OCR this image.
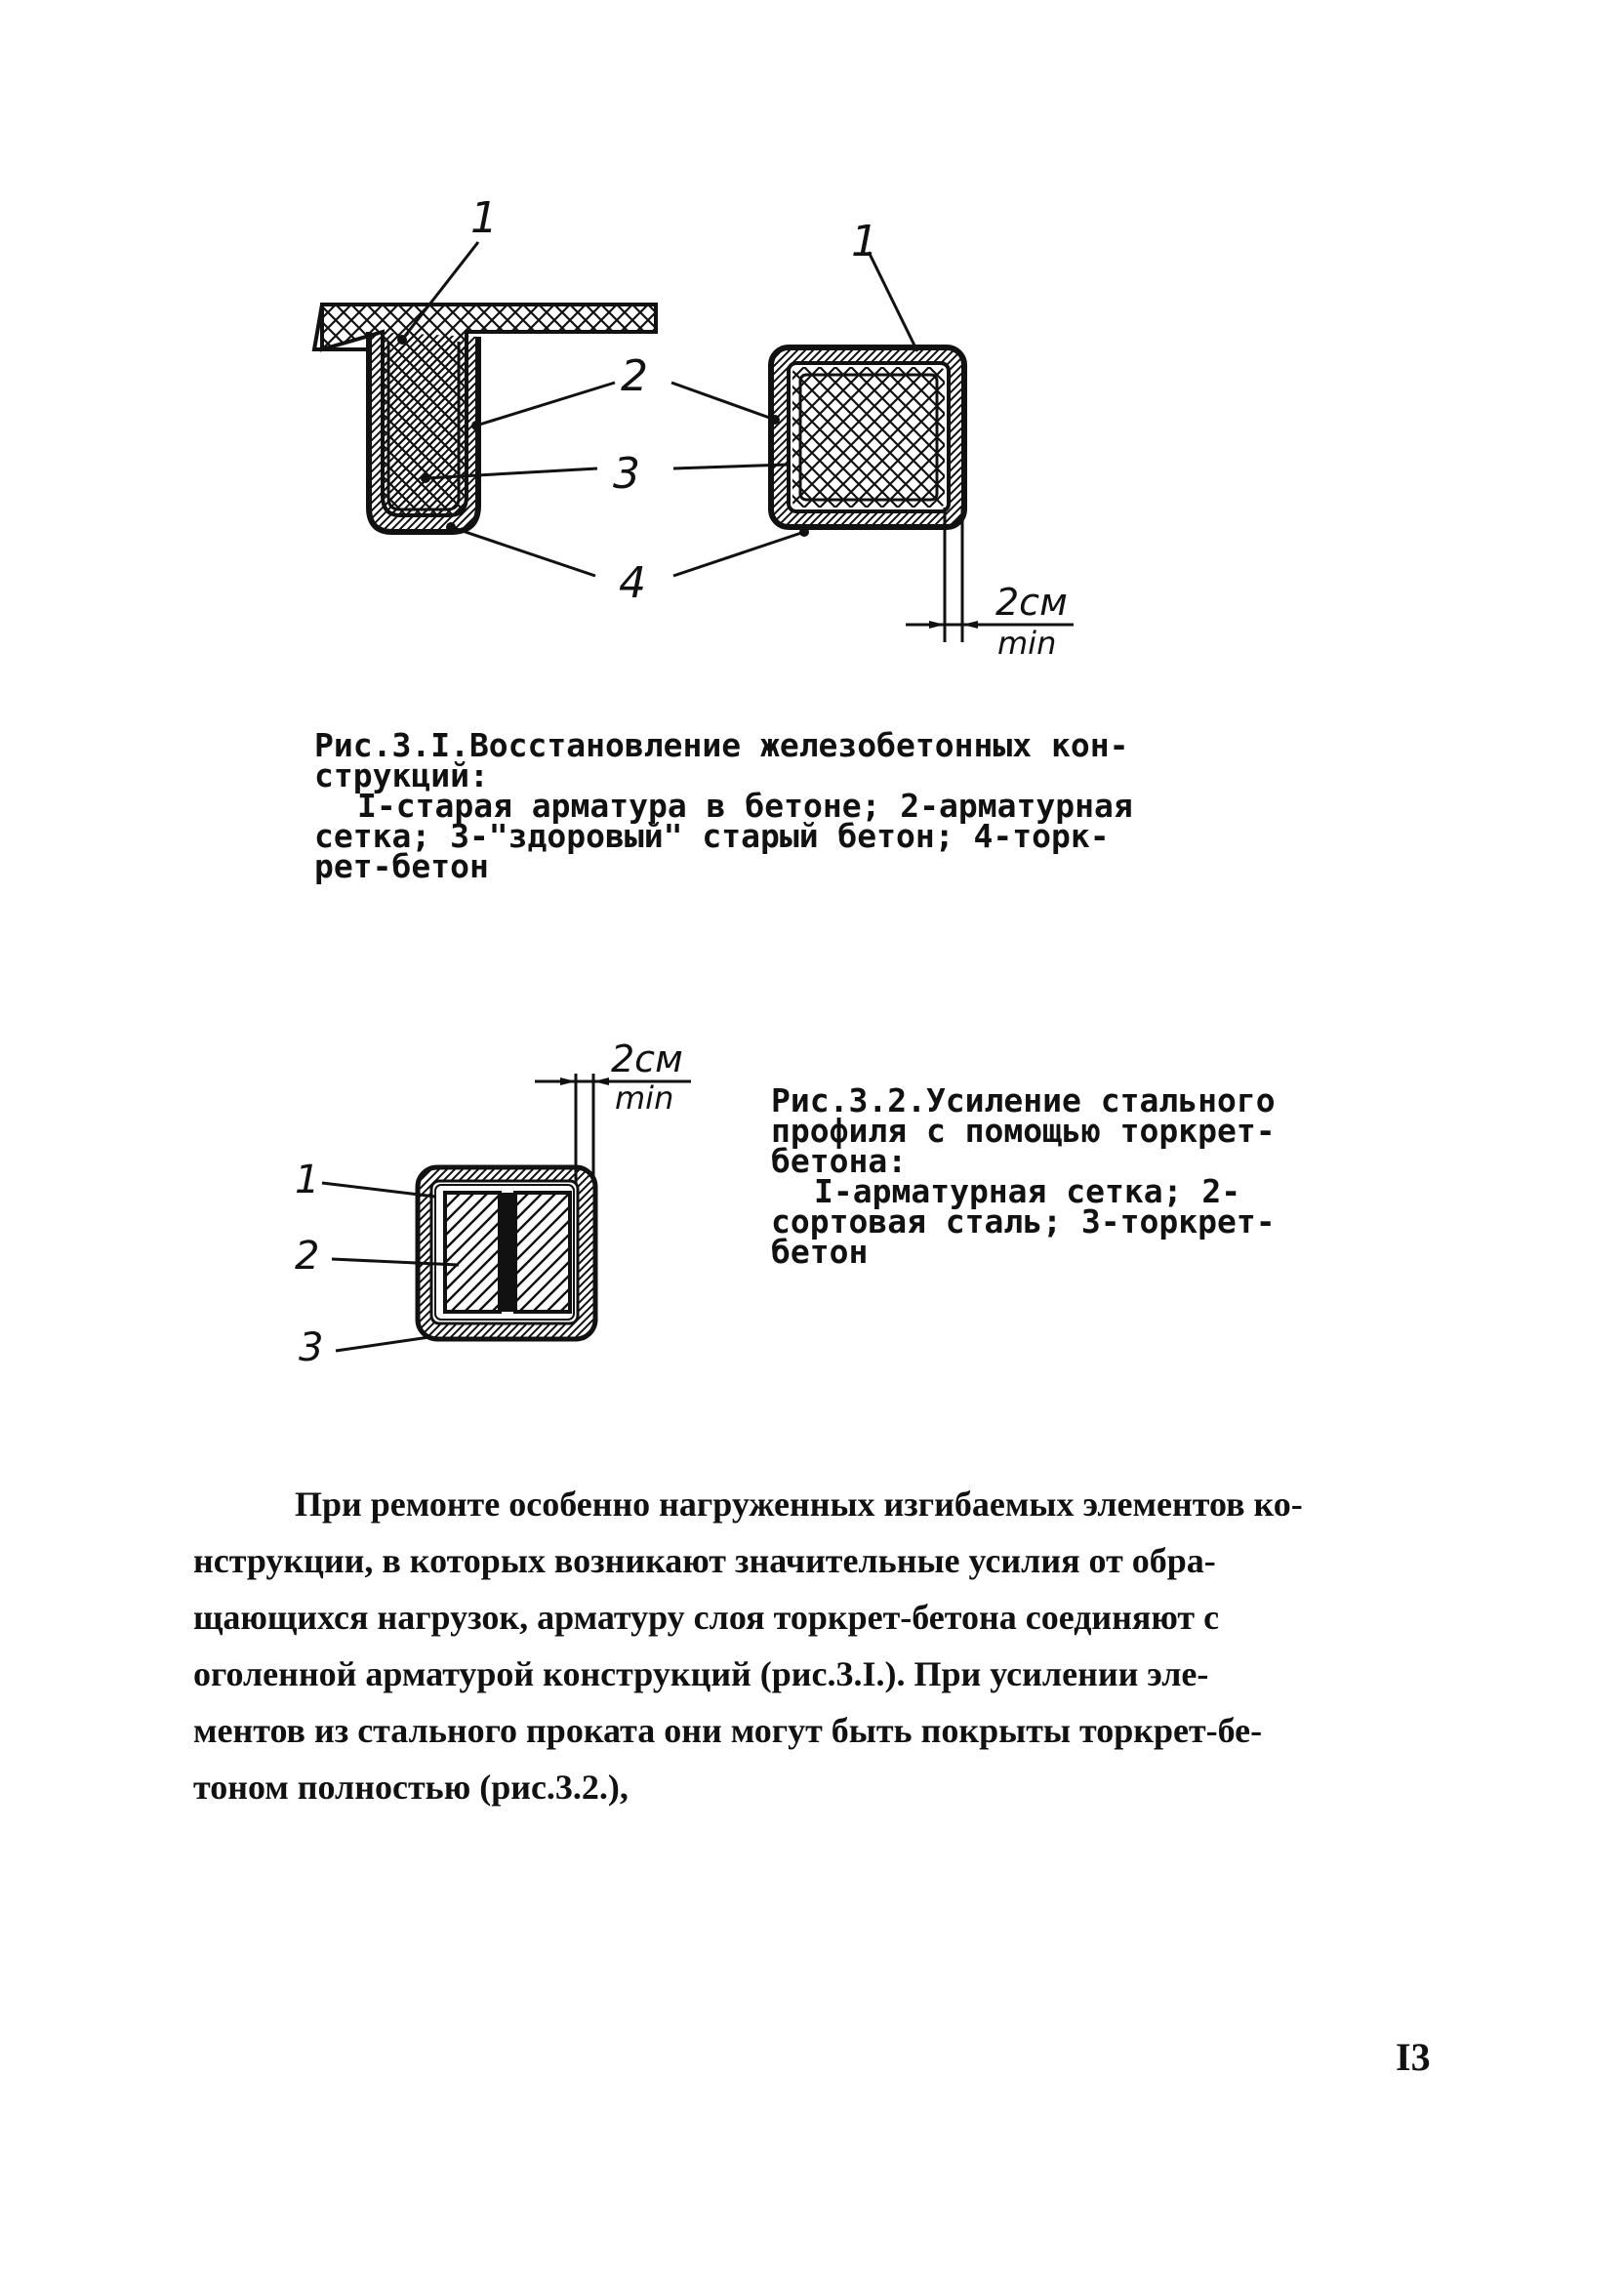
1
2
3
4
1
2см
min
2см
min
1
2
3
Рис.3.I.Восстановление железобетонных кон-
струкций:
I-старая арматура в бетоне; 2-арматурная
сетка; 3-"здоровый" старый бетон; 4-торк-
рет-бетон
Рис.3.2.Усиление стального
профиля с помощью торкрет-
бетона:
I-арматурная сетка; 2-
сортовая сталь; 3-торкрет-
бетон
При ремонте особенно нагруженных изгибаемых элементов ко-
нструкции, в которых возникают значительные усилия от обра-
щающихся нагрузок, арматуру слоя торкрет-бетона соединяют с
оголенной арматурой конструкций (рис.3.I.). При усилении эле-
ментов из стального проката они могут быть покрыты торкрет-бе-
тоном полностью (рис.3.2.),
I3
